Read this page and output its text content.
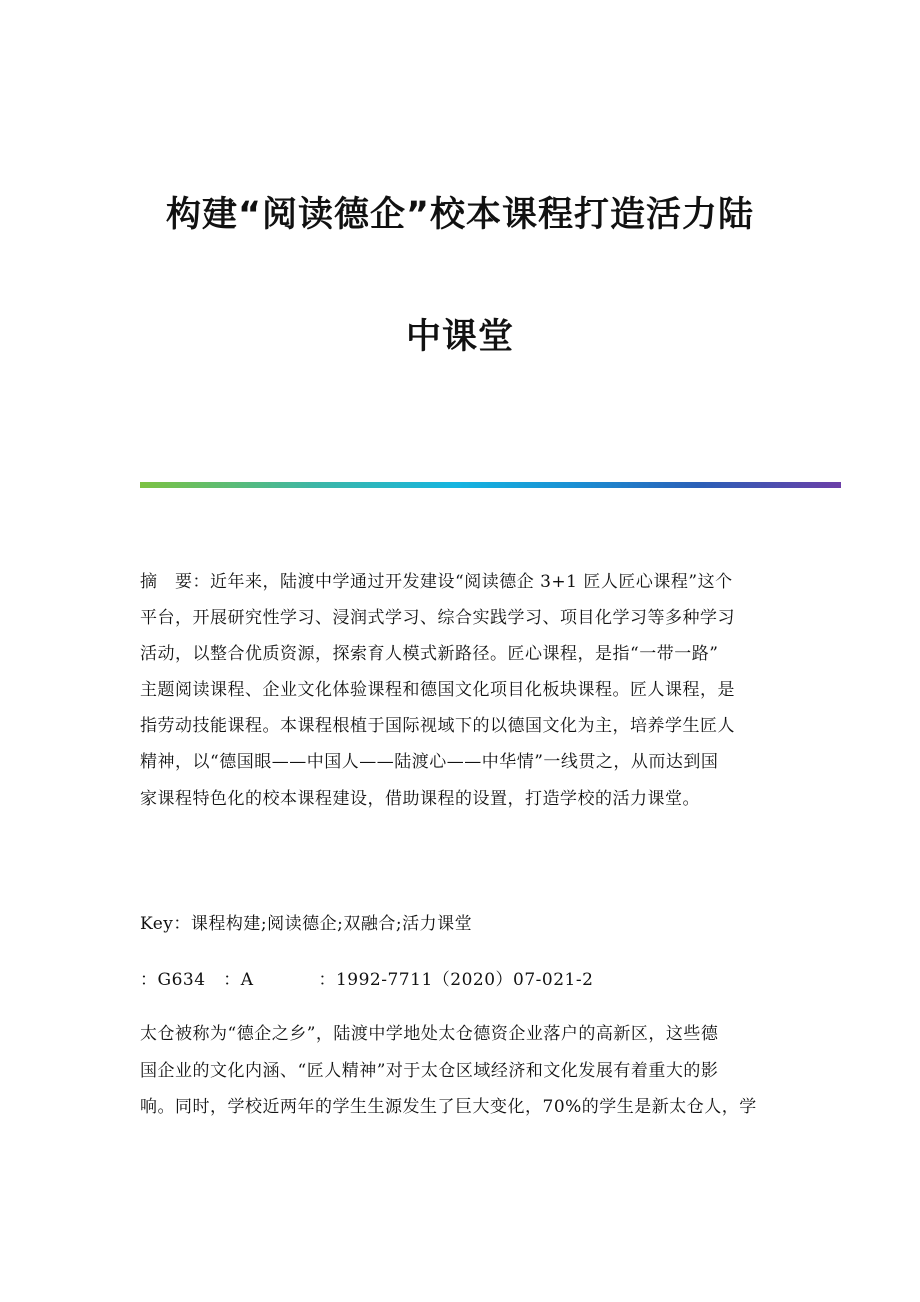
构建“阅读德企”校本课程打造活力陆
中课堂
摘　要：近年来，陆渡中学通过开发建设“阅读德企 3+1 匠人匠心课程”这个
平台，开展研究性学习、浸润式学习、综合实践学习、项目化学习等多种学习
活动，以整合优质资源，探索育人模式新路径。匠心课程，是指“一带一路”
主题阅读课程、企业文化体验课程和德国文化项目化板块课程。匠人课程，是
指劳动技能课程。本课程根植于国际视域下的以德国文化为主，培养学生匠人
精神，以“德国眼——中国人——陆渡心——中华情”一线贯之，从而达到国
家课程特色化的校本课程建设，借助课程的设置，打造学校的活力课堂。
Key：课程构建;阅读德企;双融合;活力课堂
：G634 ：A	：1992-7711（2020）07-021-2
太仓被称为“德企之乡”，陆渡中学地处太仓德资企业落户的高新区，这些德
国企业的文化内涵、“匠人精神”对于太仓区域经济和文化发展有着重大的影
响。同时，学校近两年的学生生源发生了巨大变化，70%的学生是新太仓人，学
